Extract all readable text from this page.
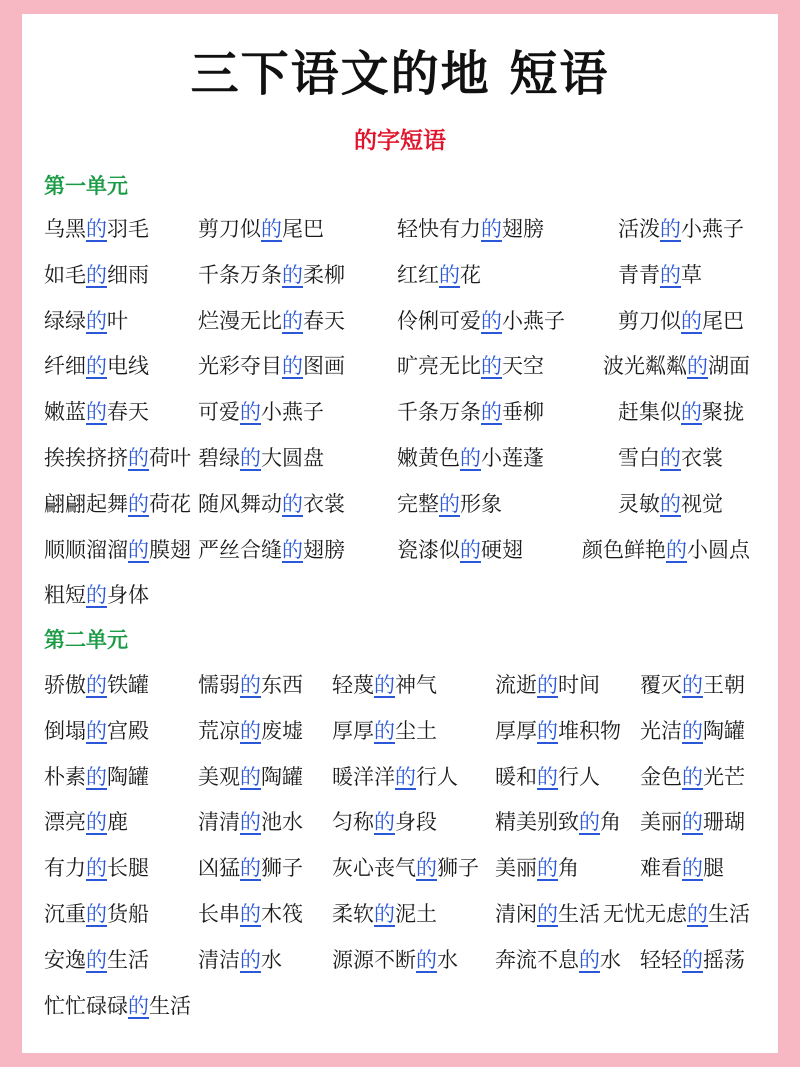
三下语文的地 短语
的字短语
第一单元
乌黑的羽毛 剪刀似的尾巴	轻快有力的翅膀	活泼的小燕子
如毛的细雨 千条万条的柔柳 红红的花	青青的草
绿绿的叶	烂漫无比的春天 伶俐可爱的小燕子	剪刀似的尾巴
纤细的电线 光彩夺目的图画 旷亮无比的天空	波光粼粼的湖面
嫩蓝的春天 可爱的小燕子	千条万条的垂柳	赶集似的聚拢
挨挨挤挤的荷叶 碧绿的大圆盘	嫩黄色的小莲蓬	雪白的衣裳
翩翩起舞的荷花 随风舞动的衣裳 完整的形象	灵敏的视觉
顺顺溜溜的膜翅 严丝合缝的翅膀 瓷漆似的硬翅	颜色鲜艳的小圆点
粗短的身体
第二单元
骄傲的铁罐 懦弱的东西 轻蔑的神气	流逝的时间 覆灭的王朝
倒塌的宫殿 荒凉的废墟 厚厚的尘土	厚厚的堆积物 光洁的陶罐
朴素的陶罐 美观的陶罐 暖洋洋的行人 暖和的行人 金色的光芒
漂亮的鹿	清清的池水 匀称的身段	精美别致的角 美丽的珊瑚
有力的长腿 凶猛的狮子 灰心丧气的狮子 美丽的角	难看的腿
沉重的货船 长串的木筏 柔软的泥土	清闲的生活 无忧无虑的生活
安逸的生活 清洁的水 源源不断的水 奔流不息的水 轻轻的摇荡
忙忙碌碌的生活
